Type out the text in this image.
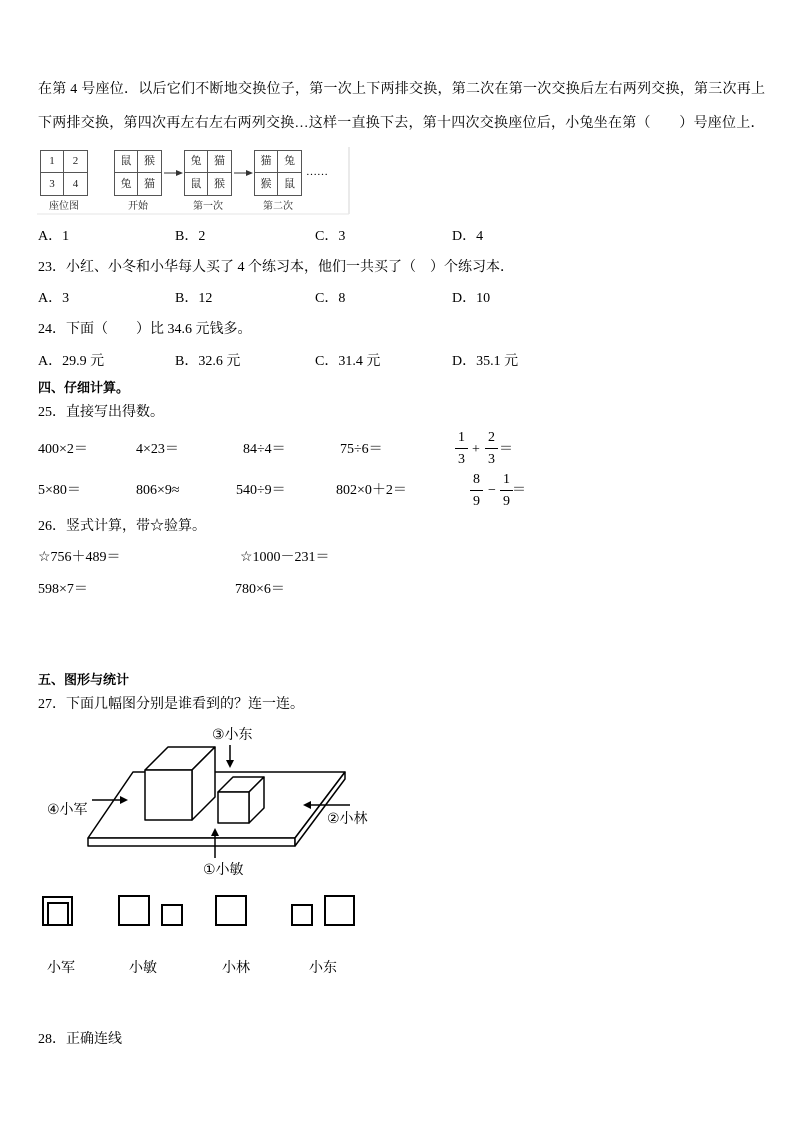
在第 4 号座位．以后它们不断地交换位子，第一次上下两排交换，第二次在第一次交换后左右两列交换，第三次再上
下两排交换，第四次再左右左右两列交换…这样一直换下去，第十四次交换座位后，小兔坐在第（　　）号座位上．
1	2
3	4
座位图
鼠	猴
兔	猫
开始
兔	猫
鼠	猴
第一次
猫	兔
猴	鼠
第二次
……
A．1	B．2	C．3	D．4
23．小红、小冬和小华每人买了 4 个练习本，他们一共买了（　）个练习本．
A．3	B．12	C．8	D．10
24．下面（　　）比 34.6 元钱多。
A．29.9 元	B．32.6 元	C．31.4 元	D．35.1 元
四、仔细计算。
25．直接写出得数。
400×2＝	4×23＝	84÷4＝	75÷6＝	$\frac{1}{3} + \frac{2}{3}$ ＝
5×80＝	806×9≈	540÷9＝	802×0＋2＝	$\frac{8}{9} - \frac{1}{9}$ ＝
26．竖式计算，带☆验算。
☆756＋489＝	☆1000－231＝
598×7＝	780×6＝
五、图形与统计
27．下面几幅图分别是谁看到的？连一连。
③小东
④小军
②小林
①小敏
小军	小敏	小林	小东
28．正确连线
